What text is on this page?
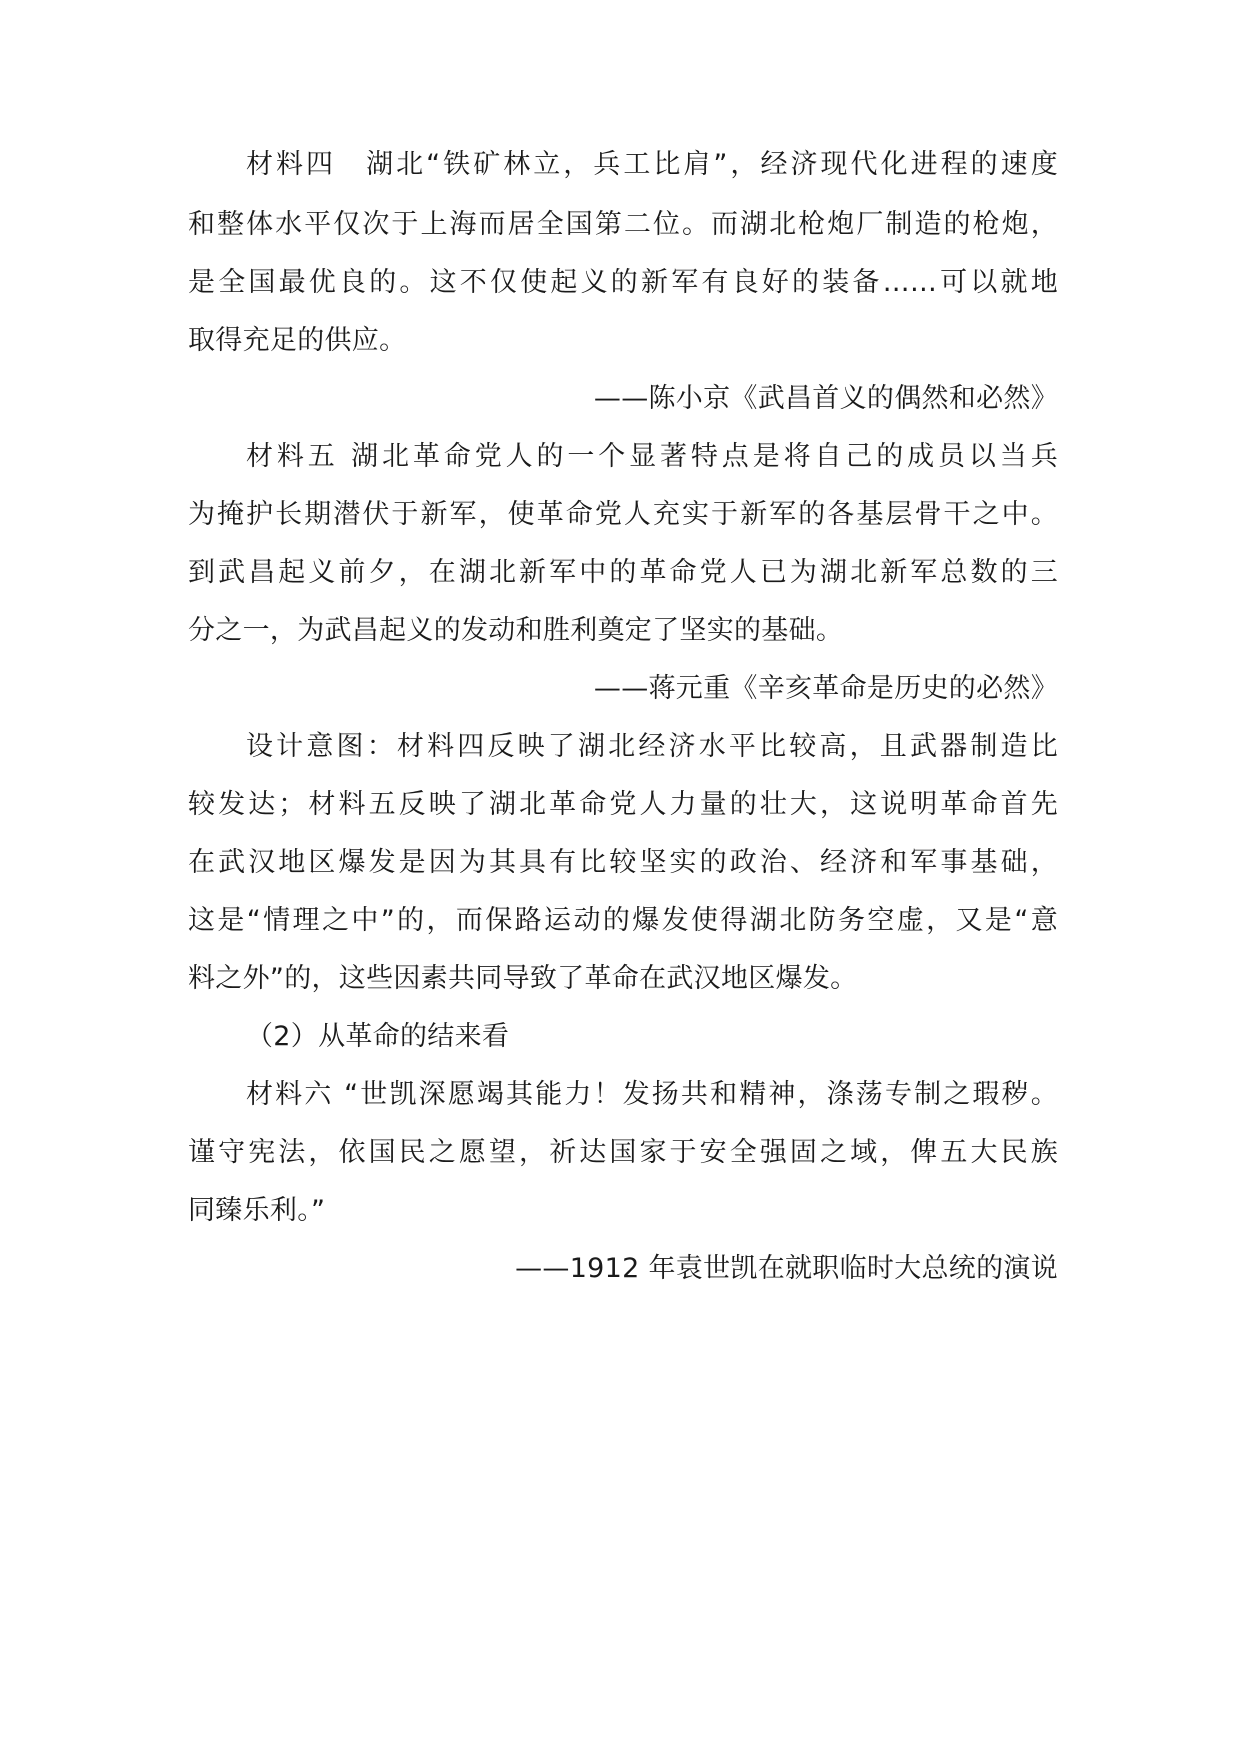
材料四　湖北“铁矿林立，兵工比肩”，经济现代化进程的速度
和整体水平仅次于上海而居全国第二位。而湖北枪炮厂制造的枪炮，
是全国最优良的。这不仅使起义的新军有良好的装备……可以就地
取得充足的供应。
——陈小京《武昌首义的偶然和必然》
材料五 湖北革命党人的一个显著特点是将自己的成员以当兵
为掩护长期潜伏于新军，使革命党人充实于新军的各基层骨干之中。
到武昌起义前夕，在湖北新军中的革命党人已为湖北新军总数的三
分之一，为武昌起义的发动和胜利奠定了坚实的基础。
——蒋元重《辛亥革命是历史的必然》
设计意图：材料四反映了湖北经济水平比较高，且武器制造比
较发达；材料五反映了湖北革命党人力量的壮大，这说明革命首先
在武汉地区爆发是因为其具有比较坚实的政治、经济和军事基础，
这是“情理之中”的，而保路运动的爆发使得湖北防务空虚，又是“意
料之外”的，这些因素共同导致了革命在武汉地区爆发。
（2）从革命的结来看
材料六 “世凯深愿竭其能力！发扬共和精神，涤荡专制之瑕秽。
谨守宪法，依国民之愿望，祈达国家于安全强固之域，俾五大民族
同臻乐利。”
——1912 年袁世凯在就职临时大总统的演说
